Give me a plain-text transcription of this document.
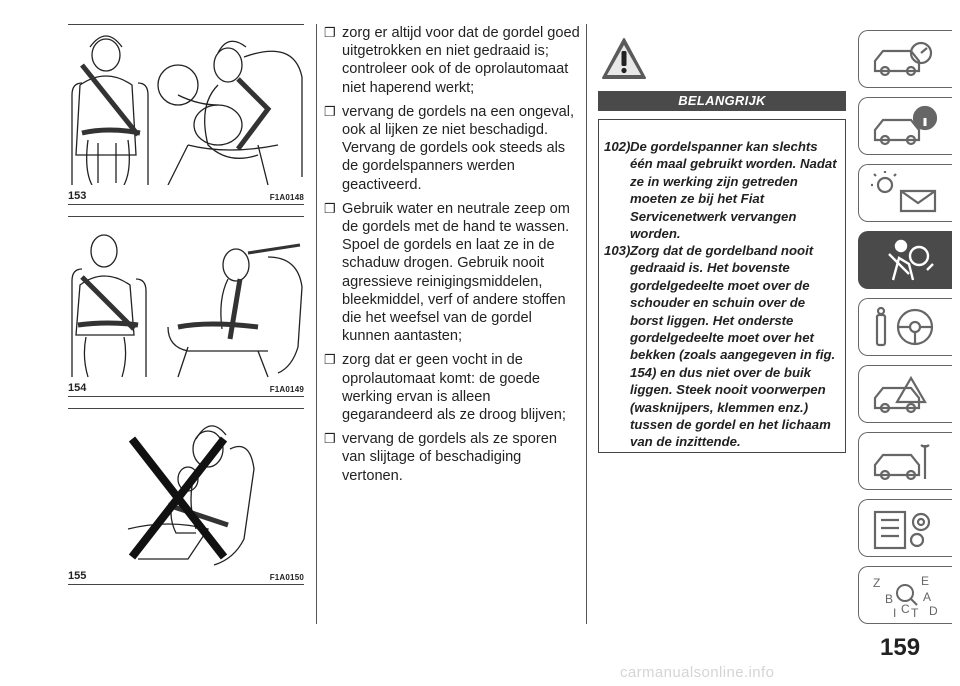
153	F1A0148
154	F1A0149
155	F1A0150
❒ zorg er altijd voor dat de gordel goed uitgetrokken en niet gedraaid is; controleer ook of de oprolautomaat niet haperend werkt;
❒ vervang de gordels na een ongeval, ook al lijken ze niet beschadigd. Vervang de gordels ook steeds als de gordelspanners werden geactiveerd.
❒ Gebruik water en neutrale zeep om de gordels met de hand te wassen. Spoel de gordels en laat ze in de schaduw drogen. Gebruik nooit agressieve reinigingsmiddelen, bleekmiddel, verf of andere stoffen die het weefsel van de gordel kunnen aantasten;
❒ zorg dat er geen vocht in de oprolautomaat komt: de goede werking ervan is alleen gegarandeerd als ze droog blijven;
❒ vervang de gordels als ze sporen van slijtage of beschadiging vertonen.
BELANGRIJK
102) De gordelspanner kan slechts één maal gebruikt worden. Nadat ze in werking zijn getreden moeten ze bij het Fiat Servicenetwerk vervangen worden.
103) Zorg dat de gordelband nooit gedraaid is. Het bovenste gordelgedeelte moet over de schouder en schuin over de borst liggen. Het onderste gordelgedeelte moet over het bekken (zoals aangegeven in fig. 154) en dus niet over de buik liggen. Steek nooit voorwerpen (wasknijpers, klemmen enz.) tussen de gordel en het lichaam van de inzittende.
Z
B
I C T
E
A
D
159
carmanualsonline.info
